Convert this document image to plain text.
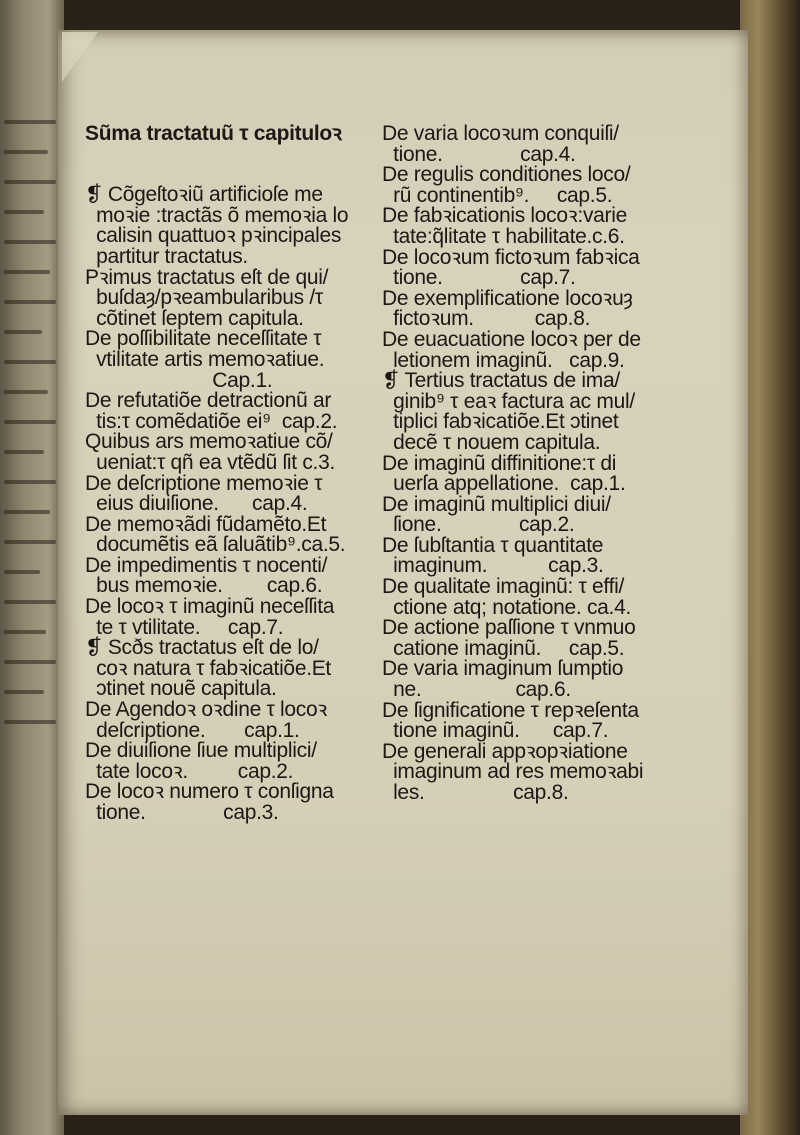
Sũma tractatuũ τ capituloꝛ
❡ Cõgeſtoꝛiũ artificioſe me
moꝛie :tractãs õ memoꝛia lo
calisin quattuoꝛ pꝛincipales
partitur tractatus.
Pꝛimus tractatus eſt de qui/
buſdaȝ/pꝛeambularibus /τ
cõtinet ſeptem capitula.
De poſſibilitate neceſſitate τ
vtilitate artis memoꝛatiue.
Cap.1.
De refutatiõe detractionũ ar
tis:τ comẽdatiõe ei⁹  cap.2.
Quibus ars memoꝛatiue cõ/
ueniat:τ qñ ea vtẽdũ ſit c.3.
De deſcriptione memoꝛie τ
eius diuiſione.      cap.4.
De memoꝛãdi fũdamẽto.Et
documẽtis eã ſaluãtib⁹.ca.5.
De impedimentis τ nocenti/
bus memoꝛie.        cap.6.
De locoꝛ τ imaginũ neceſſita
te τ vtilitate.     cap.7.
❡ Scðs tractatus eſt de lo/
coꝛ natura τ fabꝛicatiõe.Et
ɔtinet nouẽ capitula.
De Agendoꝛ oꝛdine τ locoꝛ
deſcriptione.       cap.1.
De diuiſione ſiue multiplici/
tate locoꝛ.         cap.2.
De locoꝛ numero τ conſigna
tione.              cap.3.
De varia locoꝛum conquiſi/
tione.              cap.4.
De regulis conditiones loco/
rũ continentib⁹.     cap.5.
De fabꝛicationis locoꝛ:varie
tate:q̃litate τ habilitate.c.6.
De locoꝛum fictoꝛum fabꝛica
tione.              cap.7.
De exemplificatione locoꝛuȝ
fictoꝛum.           cap.8.
De euacuatione locoꝛ per de
letionem imaginũ.   cap.9.
❡ Tertius tractatus de ima/
ginib⁹ τ eaꝛ factura ac mul/
tiplici fabꝛicatiõe.Et ɔtinet
decẽ τ nouem capitula.
De imaginũ diffinitione:τ di
uerſa appellatione.  cap.1.
De imaginũ multiplici diui/
ſione.              cap.2.
De ſubſtantia τ quantitate
imaginum.           cap.3.
De qualitate imaginũ: τ effi/
ctione atq; notatione. ca.4.
De actione paſſione τ vnmuo
catione imaginũ.     cap.5.
De varia imaginum ſumptio
ne.                 cap.6.
De ſignificatione τ repꝛeſenta
tione imaginũ.      cap.7.
De generali appꝛopꝛiatione
imaginum ad res memoꝛabi
les.                cap.8.
